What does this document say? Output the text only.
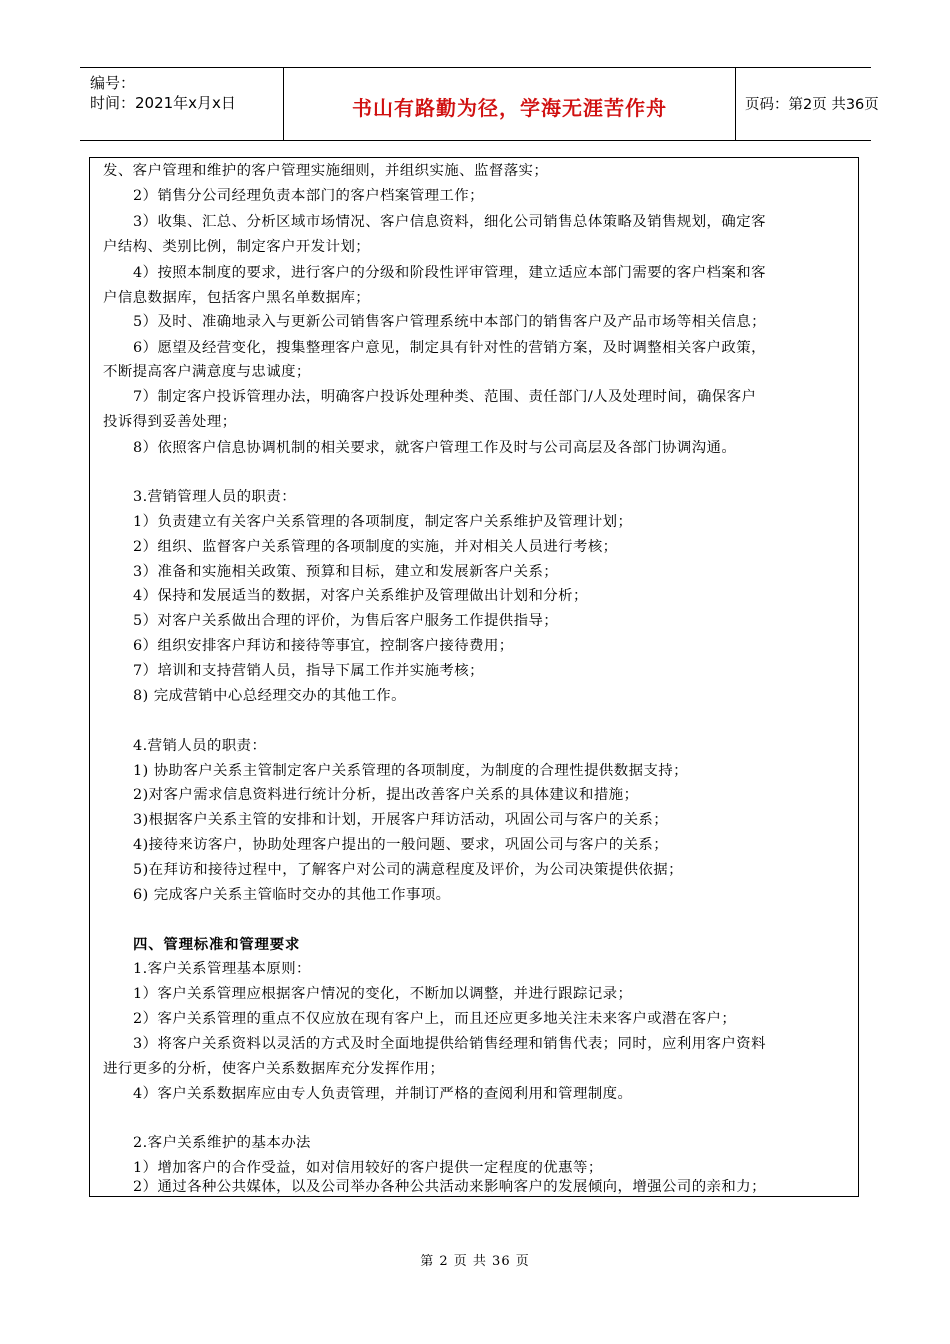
编号：
时间：2021年x月x日	书山有路勤为径，学海无涯苦作舟	页码：第2页 共36页
发、客户管理和维护的客户管理实施细则，并组织实施、监督落实；
2）销售分公司经理负责本部门的客户档案管理工作；
3）收集、汇总、分析区域市场情况、客户信息资料，细化公司销售总体策略及销售规划，确定客
户结构、类别比例，制定客户开发计划；
4）按照本制度的要求，进行客户的分级和阶段性评审管理，建立适应本部门需要的客户档案和客
户信息数据库，包括客户黑名单数据库；
5）及时、准确地录入与更新公司销售客户管理系统中本部门的销售客户及产品市场等相关信息；
6）愿望及经营变化，搜集整理客户意见，制定具有针对性的营销方案，及时调整相关客户政策，
不断提高客户满意度与忠诚度；
7）制定客户投诉管理办法，明确客户投诉处理种类、范围、责任部门/人及处理时间，确保客户
投诉得到妥善处理；
8）依照客户信息协调机制的相关要求，就客户管理工作及时与公司高层及各部门协调沟通。
3.营销管理人员的职责：
1）负责建立有关客户关系管理的各项制度，制定客户关系维护及管理计划；
2）组织、监督客户关系管理的各项制度的实施，并对相关人员进行考核；
3）准备和实施相关政策、预算和目标，建立和发展新客户关系；
4）保持和发展适当的数据，对客户关系维护及管理做出计划和分析；
5）对客户关系做出合理的评价，为售后客户服务工作提供指导；
6）组织安排客户拜访和接待等事宜，控制客户接待费用；
7）培训和支持营销人员，指导下属工作并实施考核；
8) 完成营销中心总经理交办的其他工作。
4.营销人员的职责：
1) 协助客户关系主管制定客户关系管理的各项制度，为制度的合理性提供数据支持；
2)对客户需求信息资料进行统计分析，提出改善客户关系的具体建议和措施；
3)根据客户关系主管的安排和计划，开展客户拜访活动，巩固公司与客户的关系；
4)接待来访客户，协助处理客户提出的一般问题、要求，巩固公司与客户的关系；
5)在拜访和接待过程中，了解客户对公司的满意程度及评价，为公司决策提供依据；
6) 完成客户关系主管临时交办的其他工作事项。
四、管理标准和管理要求
1.客户关系管理基本原则：
1）客户关系管理应根据客户情况的变化，不断加以调整，并进行跟踪记录；
2）客户关系管理的重点不仅应放在现有客户上，而且还应更多地关注未来客户或潜在客户；
3）将客户关系资料以灵活的方式及时全面地提供给销售经理和销售代表；同时，应利用客户资料
进行更多的分析，使客户关系数据库充分发挥作用；
4）客户关系数据库应由专人负责管理，并制订严格的查阅利用和管理制度。
2.客户关系维护的基本办法
1）增加客户的合作受益，如对信用较好的客户提供一定程度的优惠等；
2）通过各种公共媒体，以及公司举办各种公共活动来影响客户的发展倾向，增强公司的亲和力；
第 2 页 共 36 页
